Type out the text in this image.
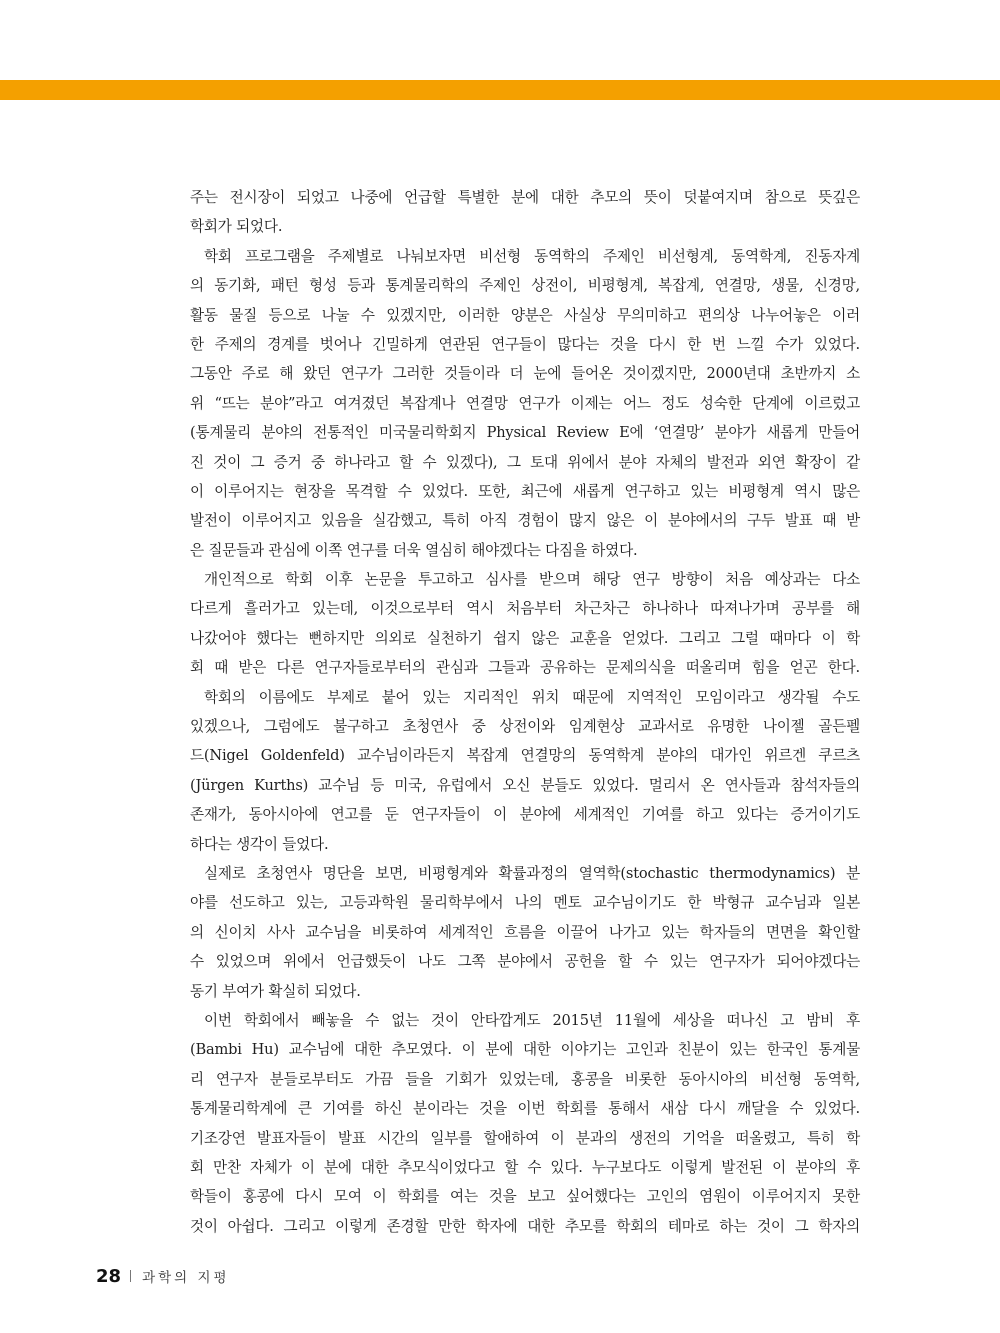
주는 전시장이 되었고 나중에 언급할 특별한 분에 대한 추모의 뜻이 덧붙여지며 참으로 뜻깊은
학회가 되었다.
학회 프로그램을 주제별로 나눠보자면 비선형 동역학의 주제인 비선형계, 동역학계, 진동자계
의 동기화, 패턴 형성 등과 통계물리학의 주제인 상전이, 비평형계, 복잡계, 연결망, 생물, 신경망,
활동 물질 등으로 나눌 수 있겠지만, 이러한 양분은 사실상 무의미하고 편의상 나누어놓은 이러
한 주제의 경계를 벗어나 긴밀하게 연관된 연구들이 많다는 것을 다시 한 번 느낄 수가 있었다.
그동안 주로 해 왔던 연구가 그러한 것들이라 더 눈에 들어온 것이겠지만, 2000년대 초반까지 소
위 “뜨는 분야”라고 여겨졌던 복잡계나 연결망 연구가 이제는 어느 정도 성숙한 단계에 이르렀고
(통계물리 분야의 전통적인 미국물리학회지 Physical Review E에 ‘연결망’ 분야가 새롭게 만들어
진 것이 그 증거 중 하나라고 할 수 있겠다), 그 토대 위에서 분야 자체의 발전과 외연 확장이 같
이 이루어지는 현장을 목격할 수 있었다. 또한, 최근에 새롭게 연구하고 있는 비평형계 역시 많은
발전이 이루어지고 있음을 실감했고, 특히 아직 경험이 많지 않은 이 분야에서의 구두 발표 때 받
은 질문들과 관심에 이쪽 연구를 더욱 열심히 해야겠다는 다짐을 하였다.
개인적으로 학회 이후 논문을 투고하고 심사를 받으며 해당 연구 방향이 처음 예상과는 다소
다르게 흘러가고 있는데, 이것으로부터 역시 처음부터 차근차근 하나하나 따져나가며 공부를 해
나갔어야 했다는 뻔하지만 의외로 실천하기 쉽지 않은 교훈을 얻었다. 그리고 그럴 때마다 이 학
회 때 받은 다른 연구자들로부터의 관심과 그들과 공유하는 문제의식을 떠올리며 힘을 얻곤 한다.
학회의 이름에도 부제로 붙어 있는 지리적인 위치 때문에 지역적인 모임이라고 생각될 수도
있겠으나, 그럼에도 불구하고 초청연사 중 상전이와 임계현상 교과서로 유명한 나이젤 골든펠
드(Nigel Goldenfeld) 교수님이라든지 복잡계 연결망의 동역학계 분야의 대가인 위르겐 쿠르츠
(Jürgen Kurths) 교수님 등 미국, 유럽에서 오신 분들도 있었다. 멀리서 온 연사들과 참석자들의
존재가, 동아시아에 연고를 둔 연구자들이 이 분야에 세계적인 기여를 하고 있다는 증거이기도
하다는 생각이 들었다.
실제로 초청연사 명단을 보면, 비평형계와 확률과정의 열역학(stochastic thermodynamics) 분
야를 선도하고 있는, 고등과학원 물리학부에서 나의 멘토 교수님이기도 한 박형규 교수님과 일본
의 신이치 사사 교수님을 비롯하여 세계적인 흐름을 이끌어 나가고 있는 학자들의 면면을 확인할
수 있었으며 위에서 언급했듯이 나도 그쪽 분야에서 공헌을 할 수 있는 연구자가 되어야겠다는
동기 부여가 확실히 되었다.
이번 학회에서 빼놓을 수 없는 것이 안타깝게도 2015년 11월에 세상을 떠나신 고 밤비 후
(Bambi Hu) 교수님에 대한 추모였다. 이 분에 대한 이야기는 고인과 친분이 있는 한국인 통계물
리 연구자 분들로부터도 가끔 들을 기회가 있었는데, 홍콩을 비롯한 동아시아의 비선형 동역학,
통계물리학계에 큰 기여를 하신 분이라는 것을 이번 학회를 통해서 새삼 다시 깨달을 수 있었다.
기조강연 발표자들이 발표 시간의 일부를 할애하여 이 분과의 생전의 기억을 떠올렸고, 특히 학
회 만찬 자체가 이 분에 대한 추모식이었다고 할 수 있다. 누구보다도 이렇게 발전된 이 분야의 후
학들이 홍콩에 다시 모여 이 학회를 여는 것을 보고 싶어했다는 고인의 염원이 이루어지지 못한
것이 아쉽다. 그리고 이렇게 존경할 만한 학자에 대한 추모를 학회의 테마로 하는 것이 그 학자의
28 과학의 지평
